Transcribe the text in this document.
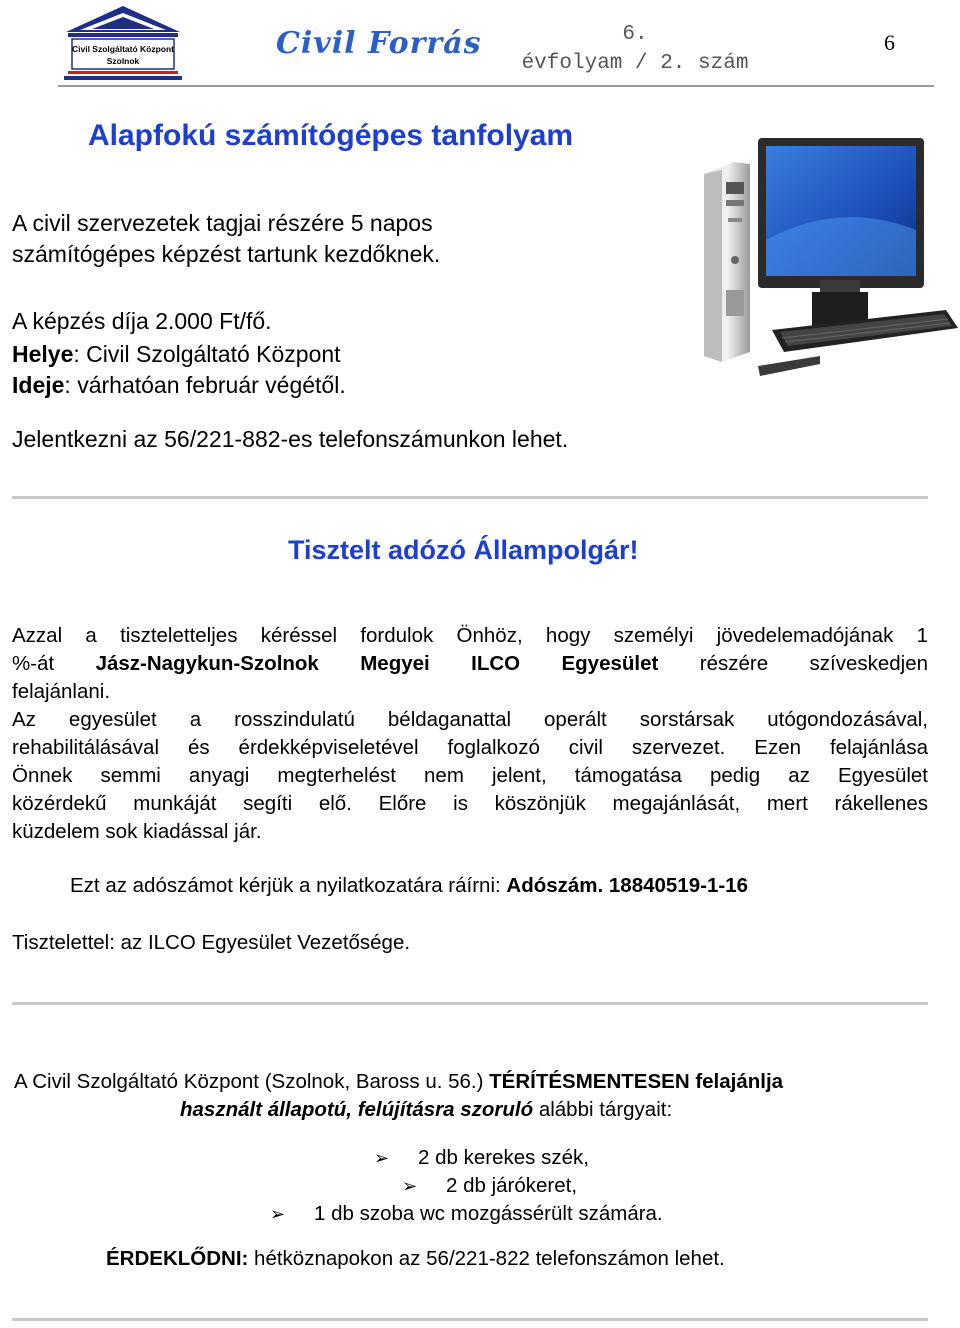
Civil Szolgáltató Központ
Szolnok	Civil Forrás	6.
évfolyam / 2. szám
6
Alapfokú számítógépes tanfolyam
A civil szervezetek tagjai részére 5 napos
számítógépes képzést tartunk kezdőknek.
A képzés díja 2.000 Ft/fő.
Helye: Civil Szolgáltató Központ
Ideje: várhatóan február végétől.
Jelentkezni az 56/221-882-es telefonszámunkon lehet.
Tisztelt adózó Állampolgár!
Azzal a tiszteletteljes kéréssel fordulok Önhöz, hogy személyi jövedelemadójának 1
%-át Jász-Nagykun-Szolnok Megyei ILCO Egyesület részére szíveskedjen
felajánlani.
Az egyesület a rosszindulatú béldaganattal operált sorstársak utógondozásával,
rehabilitálásával és érdekképviseletével foglalkozó civil szervezet. Ezen felajánlása
Önnek semmi anyagi megterhelést nem jelent, támogatása pedig az Egyesület
közérdekű munkáját segíti elő. Előre is köszönjük megajánlását, mert rákellenes
küzdelem sok kiadással jár.
Ezt az adószámot kérjük a nyilatkozatára ráírni: Adószám. 18840519-1-16
Tisztelettel: az ILCO Egyesület Vezetősége.
A Civil Szolgáltató Központ (Szolnok, Baross u. 56.) TÉRÍTÉSMENTESEN felajánlja
használt állapotú, felújításra szoruló alábbi tárgyait:
➢ 2 db kerekes szék,
➢ 2 db járókeret,
➢ 1 db szoba wc mozgássérült számára.
ÉRDEKLŐDNI: hétköznapokon az 56/221-822 telefonszámon lehet.
